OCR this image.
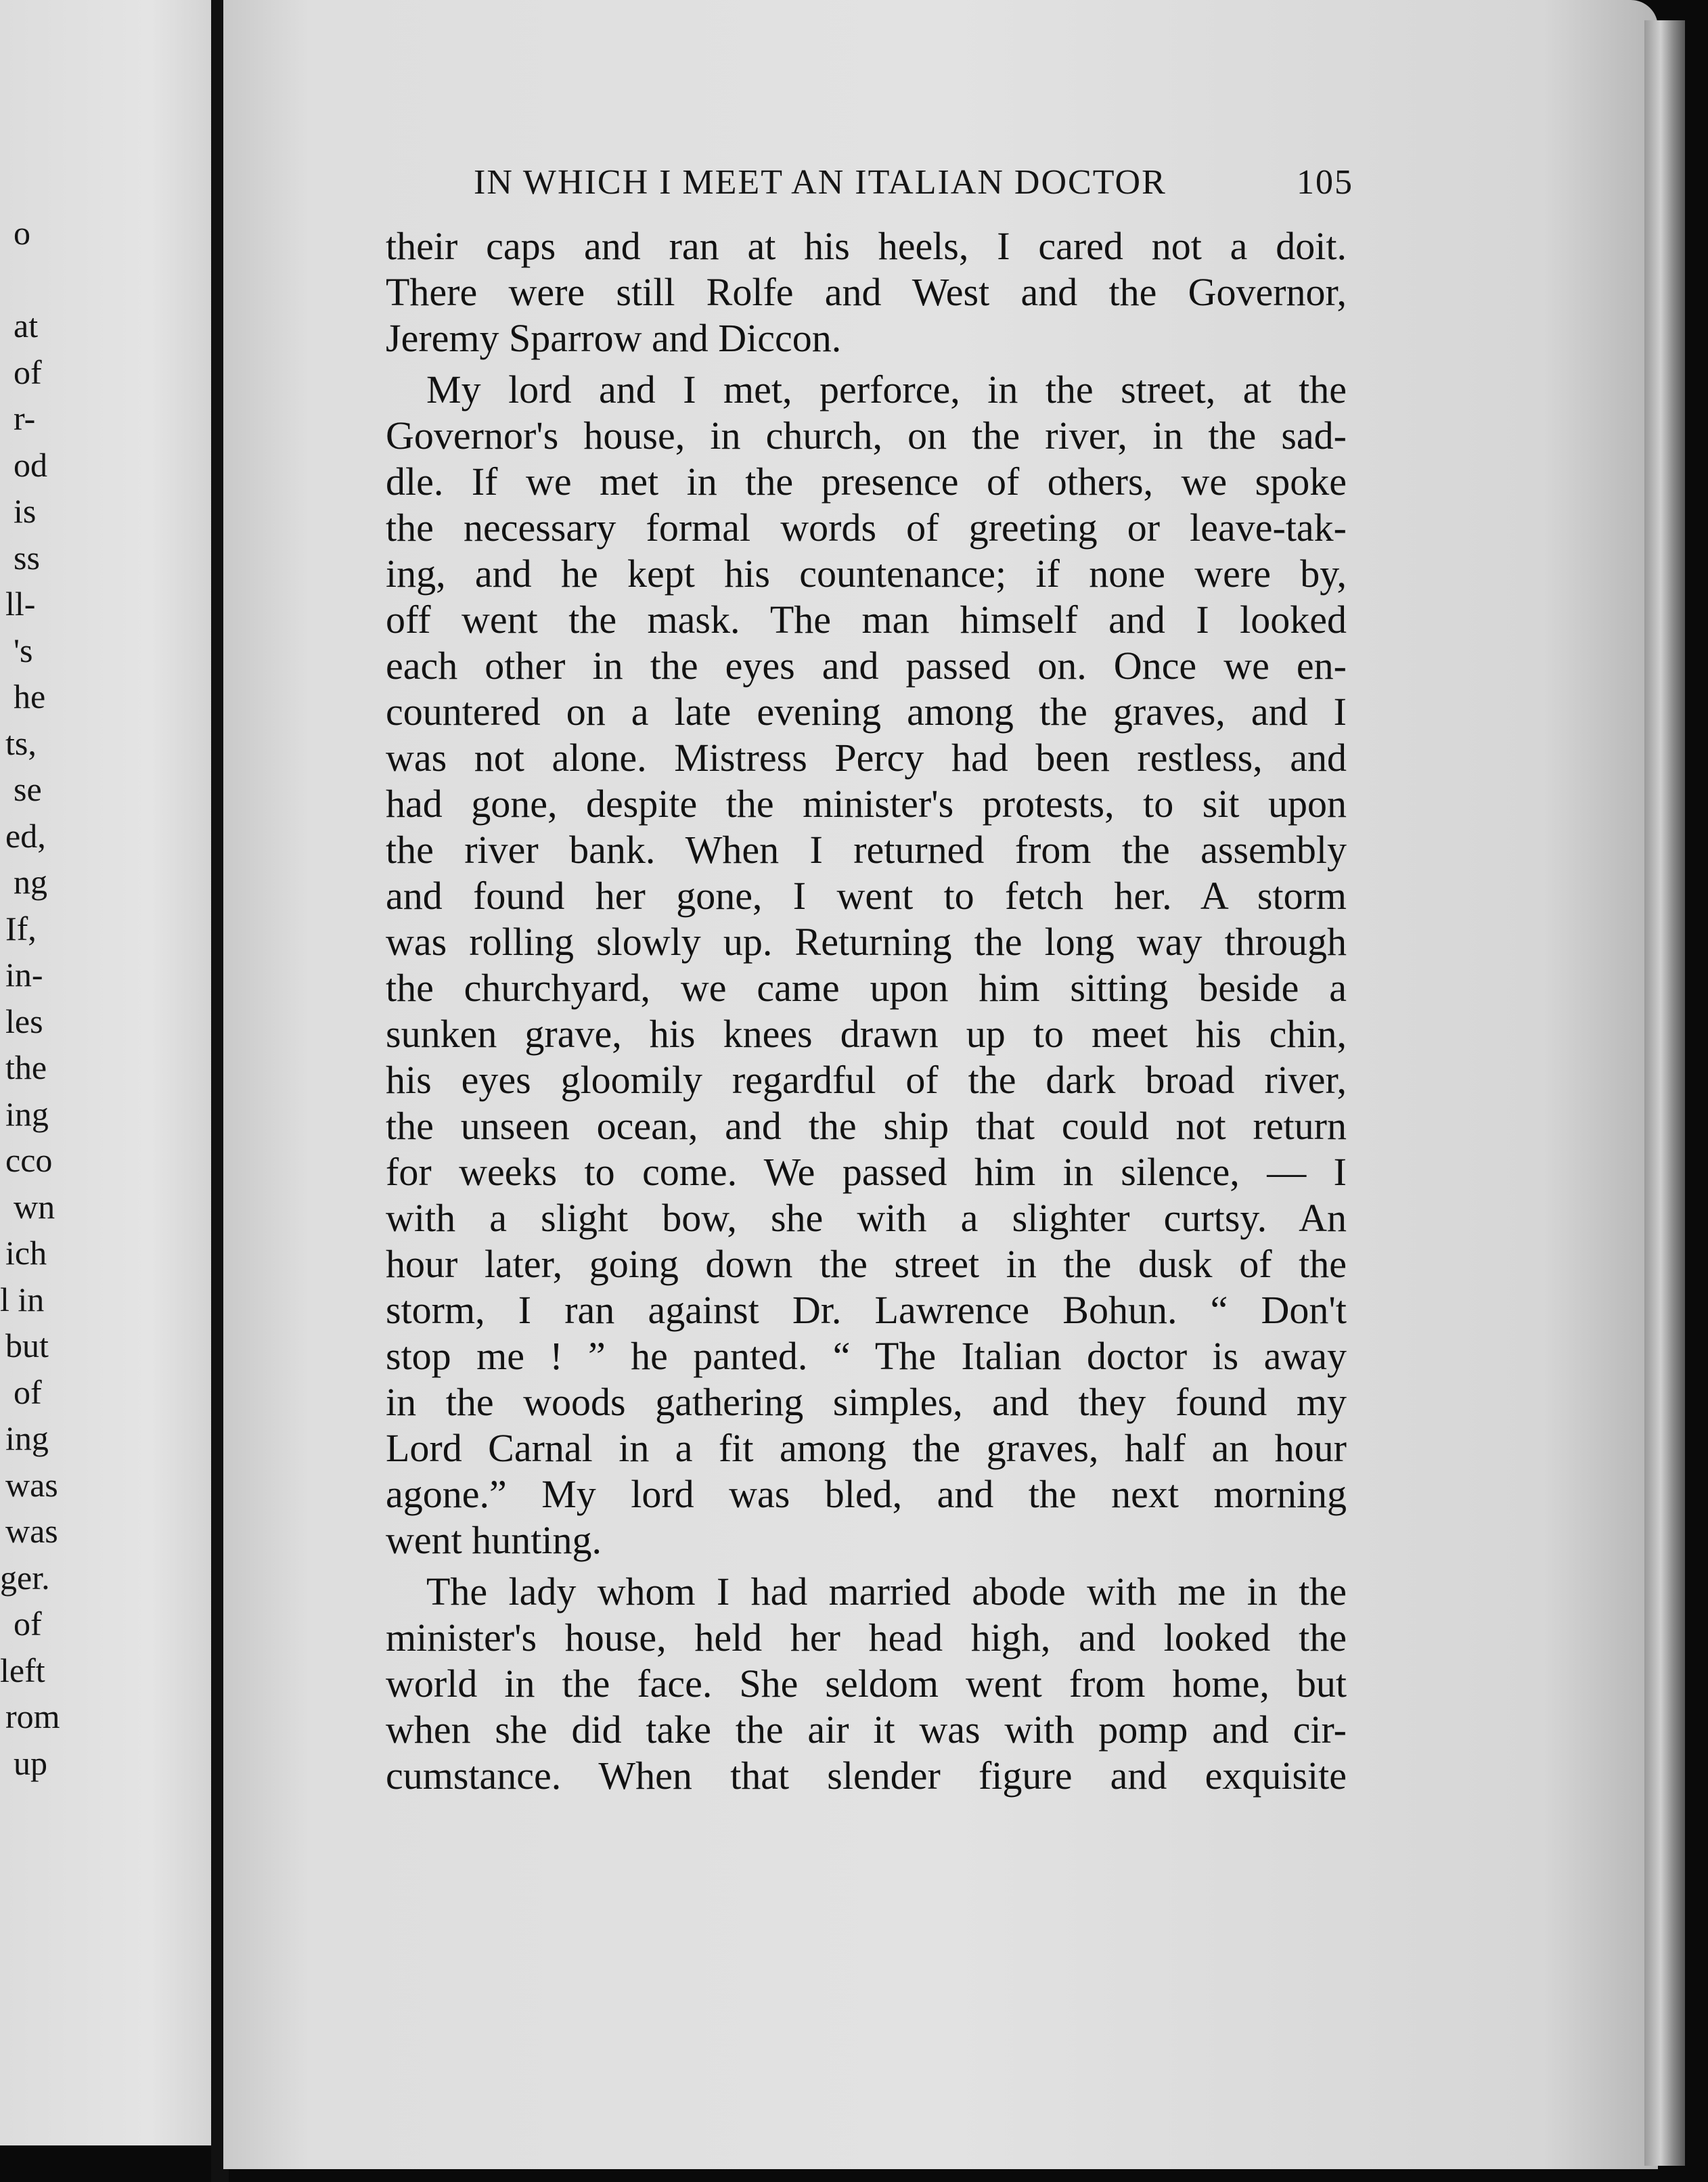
o
at
of
r-
od
is
ss
ll-
's
he
ts,
se
ed,
ng
If,
in-
les
the
ing
cco
wn
ich
l in
but
of
ing
was
was
ger.
of
left
rom
up
IN WHICH I MEET AN ITALIAN DOCTOR	105
their caps and ran at his heels, I cared not a doit.
There were still Rolfe and West and the Governor,
Jeremy Sparrow and Diccon.
My lord and I met, perforce, in the street, at the
Governor's house, in church, on the river, in the sad-
dle. If we met in the presence of others, we spoke
the necessary formal words of greeting or leave-tak-
ing, and he kept his countenance; if none were by,
off went the mask. The man himself and I looked
each other in the eyes and passed on. Once we en-
countered on a late evening among the graves, and I
was not alone. Mistress Percy had been restless, and
had gone, despite the minister's protests, to sit upon
the river bank. When I returned from the assembly
and found her gone, I went to fetch her. A storm
was rolling slowly up. Returning the long way through
the churchyard, we came upon him sitting beside a
sunken grave, his knees drawn up to meet his chin,
his eyes gloomily regardful of the dark broad river,
the unseen ocean, and the ship that could not return
for weeks to come. We passed him in silence, — I
with a slight bow, she with a slighter curtsy. An
hour later, going down the street in the dusk of the
storm, I ran against Dr. Lawrence Bohun. “ Don't
stop me ! ” he panted. “ The Italian doctor is away
in the woods gathering simples, and they found my
Lord Carnal in a fit among the graves, half an hour
agone.” My lord was bled, and the next morning
went hunting.
The lady whom I had married abode with me in the
minister's house, held her head high, and looked the
world in the face. She seldom went from home, but
when she did take the air it was with pomp and cir-
cumstance. When that slender figure and exquisite
